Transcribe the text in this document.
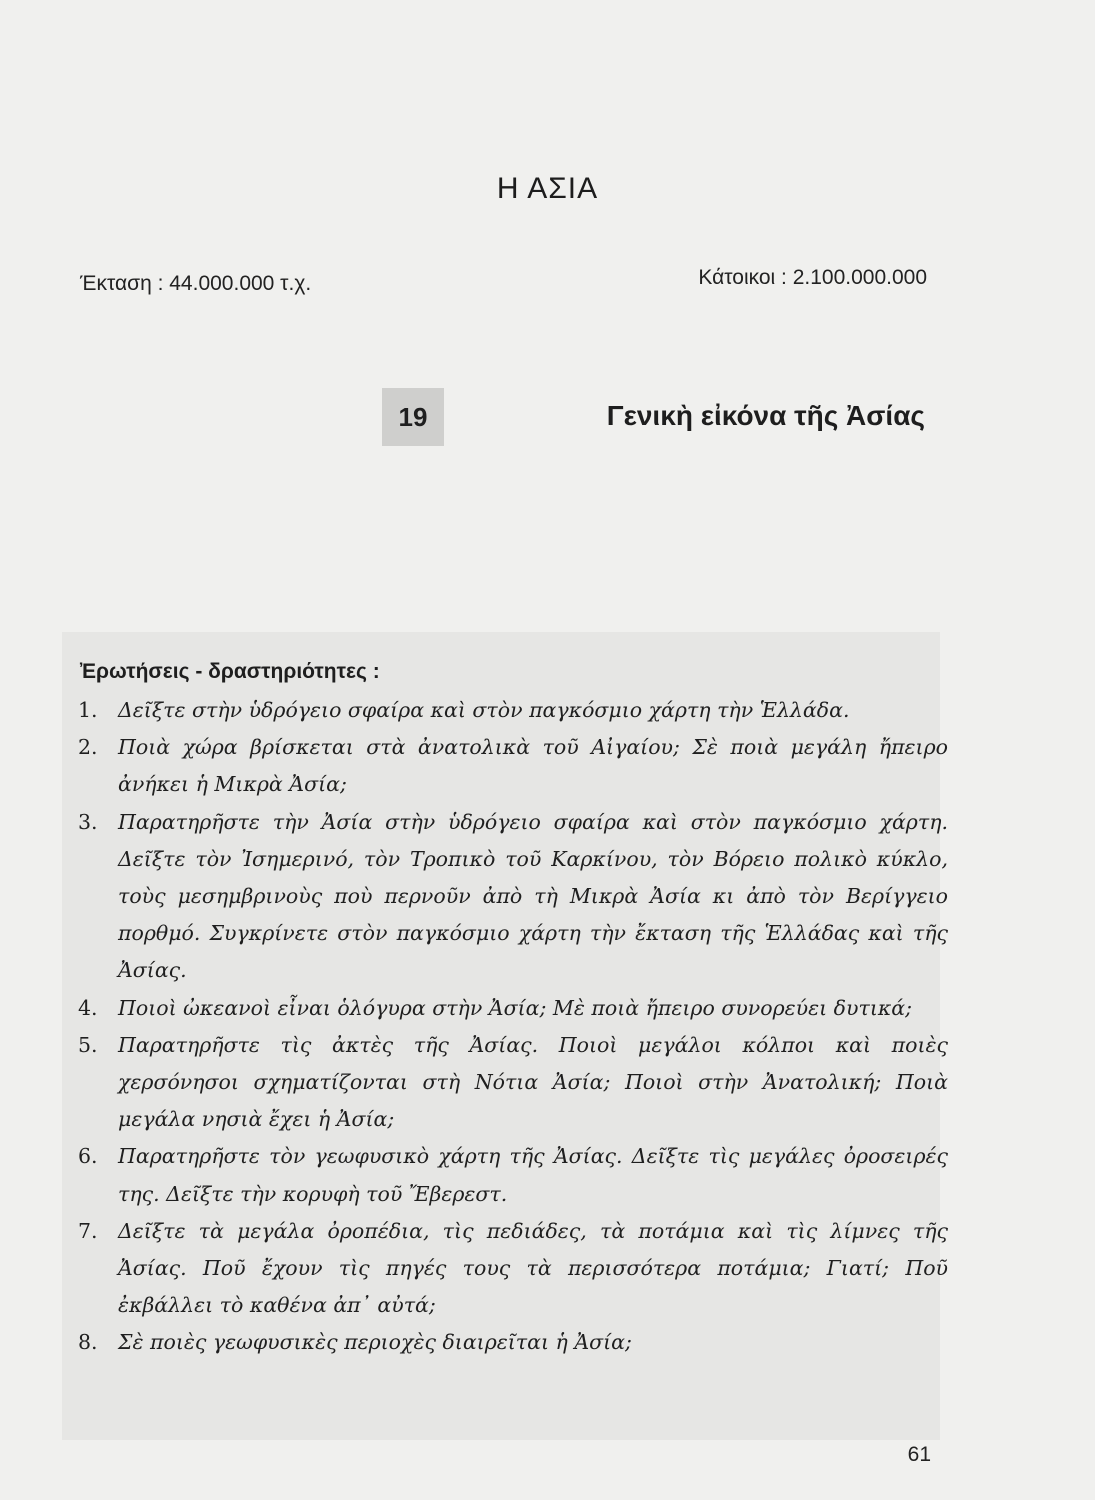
Η ΑΣΙΑ
Έκταση : 44.000.000 τ.χ.	Κάτοικοι : 2.100.000.000
19	Γενικὴ εἰκόνα τῆς Ἀσίας
Ἐρωτήσεις - δραστηριότητες :
1. Δεῖξτε στὴν ὑδρόγειο σφαίρα καὶ στὸν παγκόσμιο χάρτη τὴν Ἑλλάδα.
2. Ποιὰ χώρα βρίσκεται στὰ ἀνατολικὰ τοῦ Αἰγαίου; Σὲ ποιὰ μεγάλη ἤπειρο ἀνήκει ἡ Μικρὰ Ἀσία;
3. Παρατηρῆστε τὴν Ἀσία στὴν ὑδρόγειο σφαίρα καὶ στὸν παγκόσμιο χάρτη. Δεῖξτε τὸν Ἰσημερινό, τὸν Τροπικὸ τοῦ Καρκίνου, τὸν Βόρειο πολικὸ κύκλο, τοὺς μεσημβρινοὺς ποὺ περνοῦν ἀπὸ τὴ Μικρὰ Ἀσία κι ἀπὸ τὸν Βερίγγειο πορθμό. Συγκρίνετε στὸν παγκόσμιο χάρτη τὴν ἔκταση τῆς Ἑλλάδας καὶ τῆς Ἀσίας.
4. Ποιοὶ ὠκεανοὶ εἶναι ὁλόγυρα στὴν Ἀσία; Μὲ ποιὰ ἤπειρο συνορεύει δυτικά;
5. Παρατηρῆστε τὶς ἀκτὲς τῆς Ἀσίας. Ποιοὶ μεγάλοι κόλποι καὶ ποιὲς χερσόνησοι σχηματίζονται στὴ Νότια Ἀσία; Ποιοὶ στὴν Ἀνατολική; Ποιὰ μεγάλα νησιὰ ἔχει ἡ Ἀσία;
6. Παρατηρῆστε τὸν γεωφυσικὸ χάρτη τῆς Ἀσίας. Δεῖξτε τὶς μεγάλες ὀροσειρές της. Δεῖξτε τὴν κορυφὴ τοῦ Ἔβερεστ.
7. Δεῖξτε τὰ μεγάλα ὀροπέδια, τὶς πεδιάδες, τὰ ποτάμια καὶ τὶς λίμνες τῆς Ἀσίας. Ποῦ ἔχουν τὶς πηγές τους τὰ περισσότερα ποτάμια; Γιατί; Ποῦ ἐκβάλλει τὸ καθένα ἀπ᾿ αὐτά;
8. Σὲ ποιὲς γεωφυσικὲς περιοχὲς διαιρεῖται ἡ Ἀσία;
61
